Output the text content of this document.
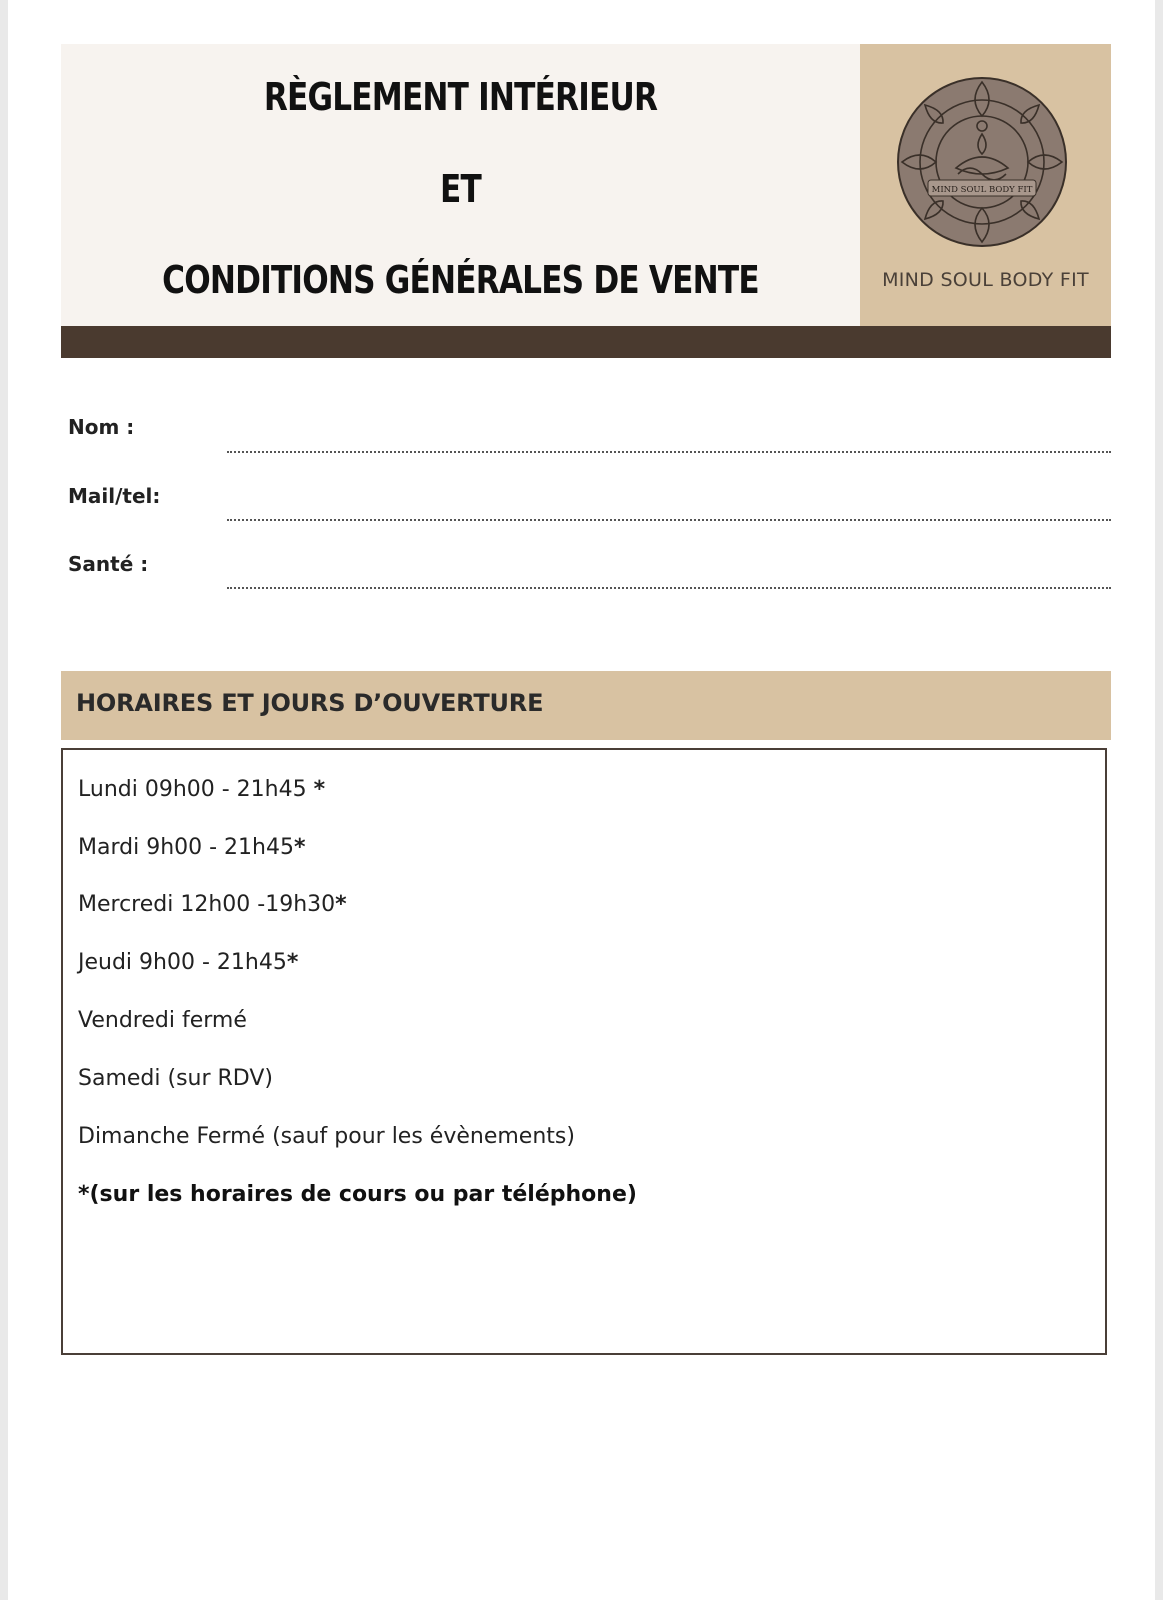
RÈGLEMENT INTÉRIEUR
ET
CONDITIONS GÉNÉRALES DE VENTE
MIND SOUL BODY FIT
MIND SOUL BODY FIT
Nom :
Mail/tel:
Santé :
HORAIRES ET JOURS D’OUVERTURE
Lundi 09h00 - 21h45 *
Mardi 9h00 - 21h45*
Mercredi 12h00 -19h30*
Jeudi 9h00 - 21h45*
Vendredi fermé
Samedi (sur RDV)
Dimanche Fermé (sauf pour les évènements)
*(sur les horaires de cours ou par téléphone)
